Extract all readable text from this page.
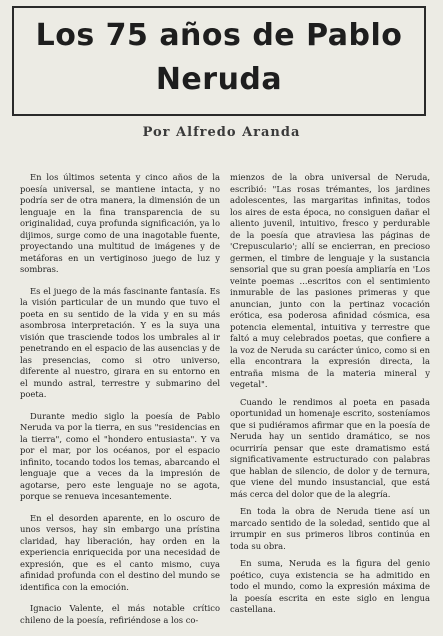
Los 75 años de Pablo
Neruda
Por Alfredo Aranda

En los últimos setenta y cinco años de la poesía universal, se mantiene intacta, y no podría ser de otra manera, la dimensión de un lenguaje en la fina transparencia de su originalidad, cuya profunda significación, ya lo dijimos, surge como de una inagotable fuente, proyectando una multitud de imágenes y de metáforas en un vertiginoso juego de luz y sombras.

Es el juego de la más fascinante fantasía. Es la visión particular de un mundo que tuvo el poeta en su sentido de la vida y en su más asombrosa interpretación. Y es la suya una visión que trasciende todos los umbrales al ir penetrando en el espacio de las ausencias y de las presencias, como si otro universo, diferente al nuestro, girara en su entorno en el mundo astral, terrestre y submarino del poeta.

Durante medio siglo la poesía de Pablo Neruda va por la tierra, en sus "residencias en la tierra", como el "hondero entusiasta". Y va por el mar, por los océanos, por el espacio infinito, tocando todos los temas, abarcando el lenguaje que a veces da la impresión de agotarse, pero este lenguaje no se agota, porque se renueva incesantemente.

En el desorden aparente, en lo oscuro de unos versos, hay sin embargo una prístina claridad, hay liberación, hay orden en la experiencia enriquecida por una necesidad de expresión, que es el canto mismo, cuya afinidad profunda con el destino del mundo se identifica con la emoción.

Ignacio Valente, el más notable crítico chileno de la poesía, refiriéndose a los co-

mienzos de la obra universal de Neruda, escribió: "Las rosas trémantes, los jardines adolescentes, las margaritas infinitas, todos los aires de esta época, no consiguen dañar el aliento juvenil, intuitivo, fresco y perdurable de la poesía que atraviesa las páginas de 'Crepusculario'; allí se encierran, en precioso germen, el timbre de lenguaje y la sustancia sensorial que su gran poesía ampliaría en 'Los veinte poemas ...escritos con el sentimiento inmurable de las pasiones primeras y que anuncian, junto con la pertinaz vocación erótica, esa poderosa afinidad cósmica, esa potencia elemental, intuitiva y terrestre que faltó a muy celebrados poetas, que confiere a la voz de Neruda su carácter único, como si en ella encontrara la expresión directa, la entraña misma de la materia mineral y vegetal".

Cuando le rendimos al poeta en pasada oportunidad un homenaje escrito, sosteníamos que si pudiéramos afirmar que en la poesía de Neruda hay un sentido dramático, se nos ocurriría pensar que este dramatismo está significativamente estructurado con palabras que hablan de silencio, de dolor y de ternura, que viene del mundo insustancial, que está más cerca del dolor que de la alegría.

En toda la obra de Neruda tiene así un marcado sentido de la soledad, sentido que al irrumpir en sus primeros libros continúa en toda su obra.

En suma, Neruda es la figura del genio poético, cuya existencia se ha admitido en todo el mundo, como la expresión máxima de la poesía escrita en este siglo en lengua castellana.
